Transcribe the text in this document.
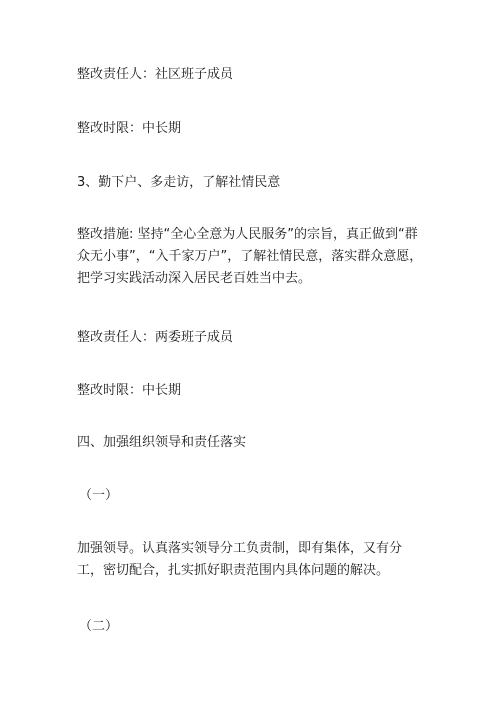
整改责任人：社区班子成员
整改时限：中长期
3、勤下户、多走访，了解社情民意
整改措施: 坚持“全心全意为人民服务”的宗旨，真正做到“群众无小事”，“入千家万户”，了解社情民意，落实群众意愿，把学习实践活动深入居民老百姓当中去。
整改责任人：两委班子成员
整改时限：中长期
四、加强组织领导和责任落实
（一）
加强领导。认真落实领导分工负责制，即有集体，又有分工，密切配合，扎实抓好职责范围内具体问题的解决。
（二）
